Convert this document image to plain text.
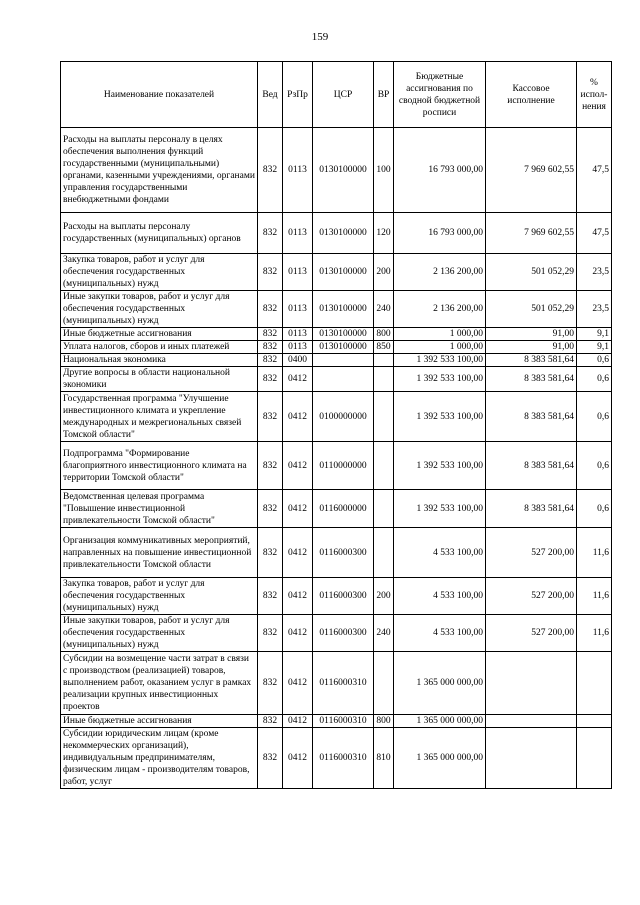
159
Наименование показателей	Вед	РзПр	ЦСР	ВР	Бюджетные ассигнования по сводной бюджетной росписи	Кассовое исполнение	% испол-нения
Расходы на выплаты персоналу в целях обеспечения выполнения функций государственными (муниципальными) органами, казенными учреждениями, органами управления государственными внебюджетными фондами	832	0113	0130100000	100	16 793 000,00	7 969 602,55	47,5
Расходы на выплаты персоналу государственных (муниципальных) органов	832	0113	0130100000	120	16 793 000,00	7 969 602,55	47,5
Закупка товаров, работ и услуг для обеспечения государственных (муниципальных) нужд	832	0113	0130100000	200	2 136 200,00	501 052,29	23,5
Иные закупки товаров, работ и услуг для обеспечения государственных (муниципальных) нужд	832	0113	0130100000	240	2 136 200,00	501 052,29	23,5
Иные бюджетные ассигнования	832	0113	0130100000	800	1 000,00	91,00	9,1
Уплата налогов, сборов и иных платежей	832	0113	0130100000	850	1 000,00	91,00	9,1
Национальная экономика	832	0400			1 392 533 100,00	8 383 581,64	0,6
Другие вопросы в области национальной экономики	832	0412			1 392 533 100,00	8 383 581,64	0,6
Государственная программа "Улучшение инвестиционного климата и укрепление международных и межрегиональных связей Томской области"	832	0412	0100000000		1 392 533 100,00	8 383 581,64	0,6
Подпрограмма "Формирование благоприятного инвестиционного климата на территории Томской области"	832	0412	0110000000		1 392 533 100,00	8 383 581,64	0,6
Ведомственная целевая программа "Повышение инвестиционной привлекательности Томской области"	832	0412	0116000000		1 392 533 100,00	8 383 581,64	0,6
Организация коммуникативных мероприятий, направленных на повышение инвестиционной привлекательности Томской области	832	0412	0116000300		4 533 100,00	527 200,00	11,6
Закупка товаров, работ и услуг для обеспечения государственных (муниципальных) нужд	832	0412	0116000300	200	4 533 100,00	527 200,00	11,6
Иные закупки товаров, работ и услуг для обеспечения государственных (муниципальных) нужд	832	0412	0116000300	240	4 533 100,00	527 200,00	11,6
Субсидии на возмещение части затрат в связи с производством (реализацией) товаров, выполнением работ, оказанием услуг в рамках реализации крупных инвестиционных проектов	832	0412	0116000310		1 365 000 000,00		
Иные бюджетные ассигнования	832	0412	0116000310	800	1 365 000 000,00		
Субсидии юридическим лицам (кроме некоммерческих организаций), индивидуальным предпринимателям, физическим лицам - производителям товаров, работ, услуг	832	0412	0116000310	810	1 365 000 000,00		
